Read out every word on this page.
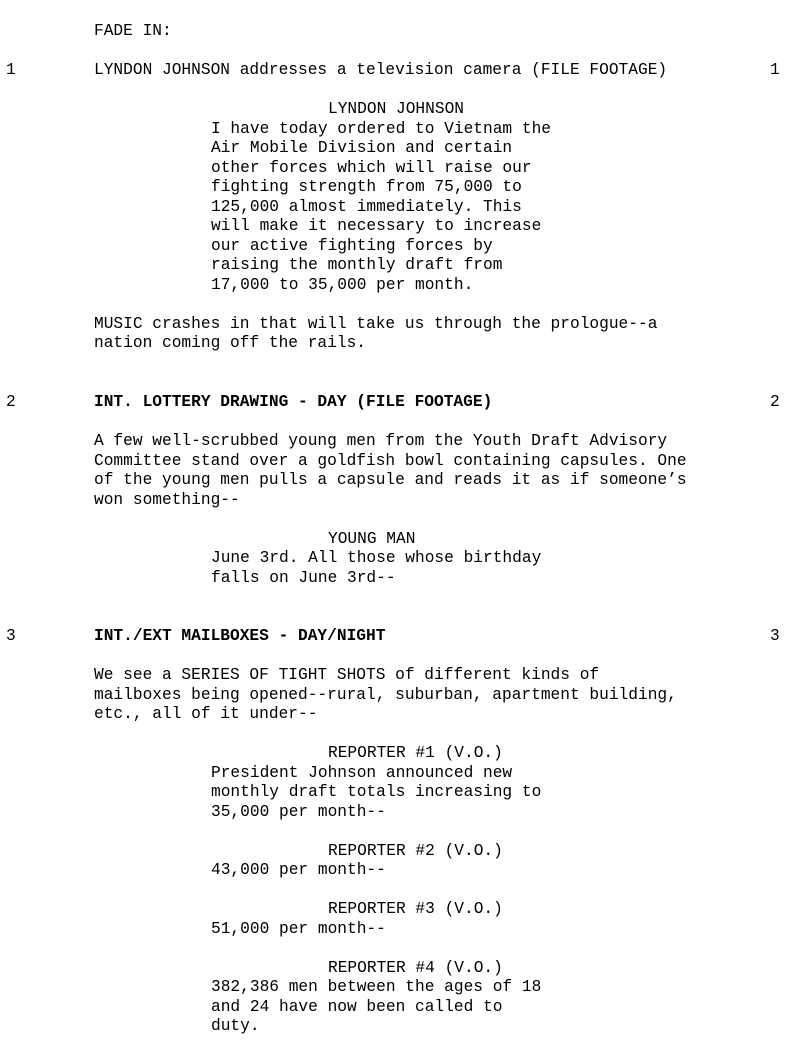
FADE IN:
1	LYNDON JOHNSON addresses a television camera (FILE FOOTAGE)	1
LYNDON JOHNSON
I have today ordered to Vietnam the
Air Mobile Division and certain
other forces which will raise our
fighting strength from 75,000 to
125,000 almost immediately. This
will make it necessary to increase
our active fighting forces by
raising the monthly draft from
17,000 to 35,000 per month.
MUSIC crashes in that will take us through the prologue--a
nation coming off the rails.
2	INT. LOTTERY DRAWING - DAY (FILE FOOTAGE)	2
A few well-scrubbed young men from the Youth Draft Advisory
Committee stand over a goldfish bowl containing capsules. One
of the young men pulls a capsule and reads it as if someone’s
won something--
YOUNG MAN
June 3rd. All those whose birthday
falls on June 3rd--
3	INT./EXT MAILBOXES - DAY/NIGHT	3
We see a SERIES OF TIGHT SHOTS of different kinds of
mailboxes being opened--rural, suburban, apartment building,
etc., all of it under--
REPORTER #1 (V.O.)
President Johnson announced new
monthly draft totals increasing to
35,000 per month--
REPORTER #2 (V.O.)
43,000 per month--
REPORTER #3 (V.O.)
51,000 per month--
REPORTER #4 (V.O.)
382,386 men between the ages of 18
and 24 have now been called to
duty.
